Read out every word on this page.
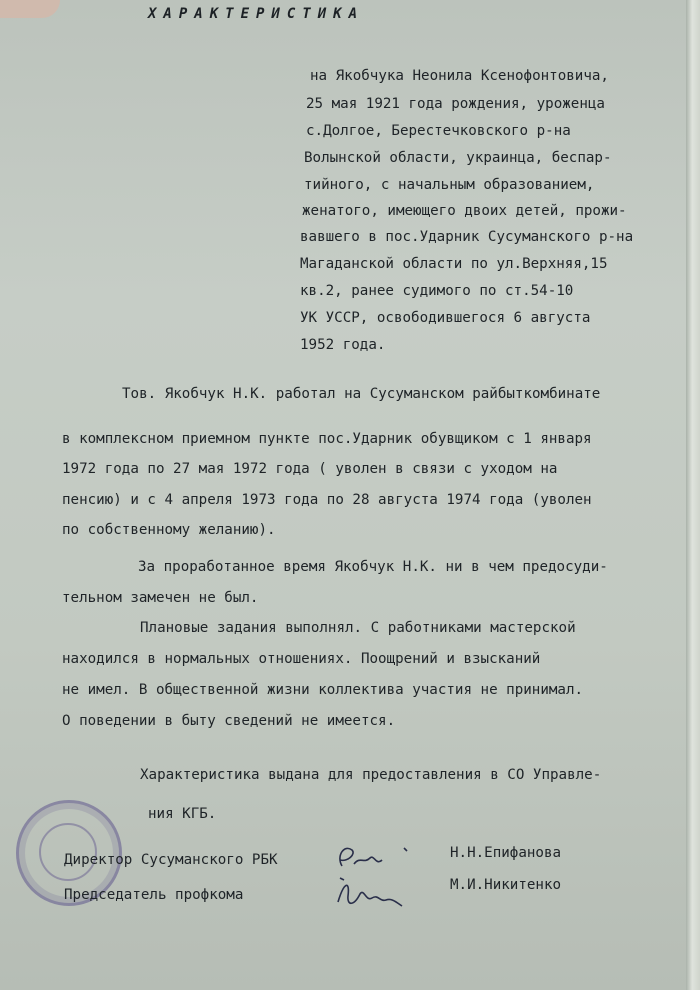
ХАРАКТЕРИСТИКА
на Якобчука Неонила Ксенофонтовича,
25 мая 1921 года рождения, уроженца
с.Долгое, Берестечковского р-на
Волынской области, украинца, беспар-
тийного, с начальным образованием,
женатого, имеющего двоих детей, прожи-
вавшего в пос.Ударник Сусуманского р-на
Магаданской области по ул.Верхняя,15
кв.2, ранее судимого по ст.54-10
УК УССР, освободившегося 6 августа
1952 года.
Тов. Якобчук Н.К. работал на Сусуманском райбыткомбинате
в комплексном приемном пункте пос.Ударник обувщиком с 1 января
1972 года по 27 мая 1972 года ( уволен в связи с уходом на
пенсию) и с 4 апреля 1973 года по 28 августа 1974 года (уволен
по собственному желанию).
За проработанное время Якобчук Н.К. ни в чем предосуди-
тельном замечен не был.
Плановые задания выполнял. С работниками мастерской
находился в нормальных отношениях. Поощрений и взысканий
не имел. В общественной жизни коллектива участия не принимал.
О поведении в быту сведений не имеется.
Характеристика выдана для предоставления в СО Управле-
ния КГБ.
Директор Сусуманского РБК	Н.Н.Епифанова
Председатель профкома
М.И.Никитенко
